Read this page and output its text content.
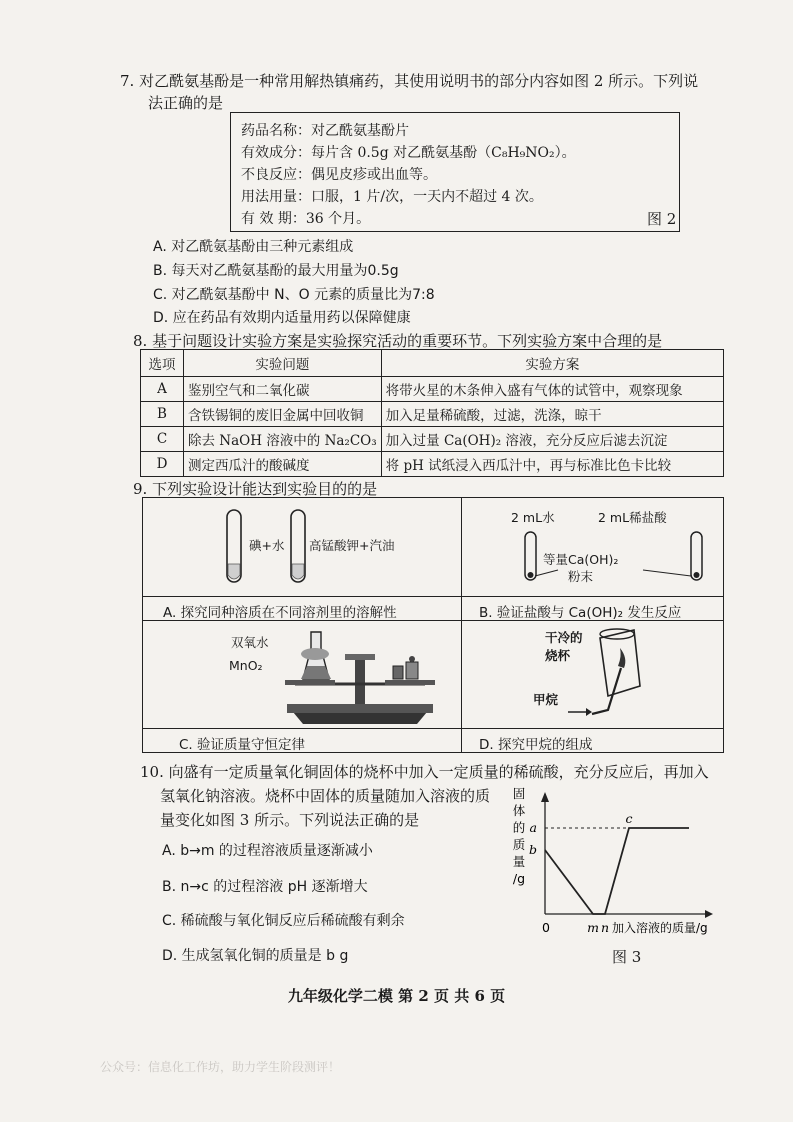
7. 对乙酰氨基酚是一种常用解热镇痛药，其使用说明书的部分内容如图 2 所示。下列说
法正确的是
药品名称：对乙酰氨基酚片
有效成分：每片含 0.5g 对乙酰氨基酚（C₈H₉NO₂）。
不良反应：偶见皮疹或出血等。
用法用量：口服，1 片/次，一天内不超过 4 次。
有 效 期：36 个月。	图 2
A. 对乙酰氨基酚由三种元素组成
B. 每天对乙酰氨基酚的最大用量为0.5g
C. 对乙酰氨基酚中 N、O 元素的质量比为7:8
D. 应在药品有效期内适量用药以保障健康
8. 基于问题设计实验方案是实验探究活动的重要环节。下列实验方案中合理的是
选项	实验问题	实验方案
A	鉴别空气和二氧化碳	将带火星的木条伸入盛有气体的试管中，观察现象
B	含铁锡铜的废旧金属中回收铜	加入足量稀硫酸，过滤，洗涤，晾干
C	除去 NaOH 溶液中的 Na₂CO₃	加入过量 Ca(OH)₂ 溶液，充分反应后滤去沉淀
D	测定西瓜汁的酸碱度	将 pH 试纸浸入西瓜汁中，再与标准比色卡比较
9. 下列实验设计能达到实验目的的是
碘+水 高锰酸钾+汽油
A. 探究同种溶质在不同溶剂里的溶解性
2 mL水	2 mL稀盐酸
等量Ca(OH)₂
粉末
B. 验证盐酸与 Ca(OH)₂ 发生反应
双氧水
MnO₂
C. 验证质量守恒定律
干冷的
烧杯
甲烷
D. 探究甲烷的组成
10. 向盛有一定质量氧化铜固体的烧杯中加入一定质量的稀硫酸，充分反应后，再加入
氢氧化钠溶液。烧杯中固体的质量随加入溶液的质
量变化如图 3 所示。下列说法正确的是
A. b→m 的过程溶液质量逐渐减小
B. n→c 的过程溶液 pH 逐渐增大
C. 稀硫酸与氧化铜反应后稀硫酸有剩余
D. 生成氢氧化铜的质量是 b g
固
体
的
质
量
/g
a
b
0	m n 加入溶液的质量/g
c
图 3
九年级化学二模 第 2 页 共 6 页
公众号：信息化工作坊，助力学生阶段测评！
